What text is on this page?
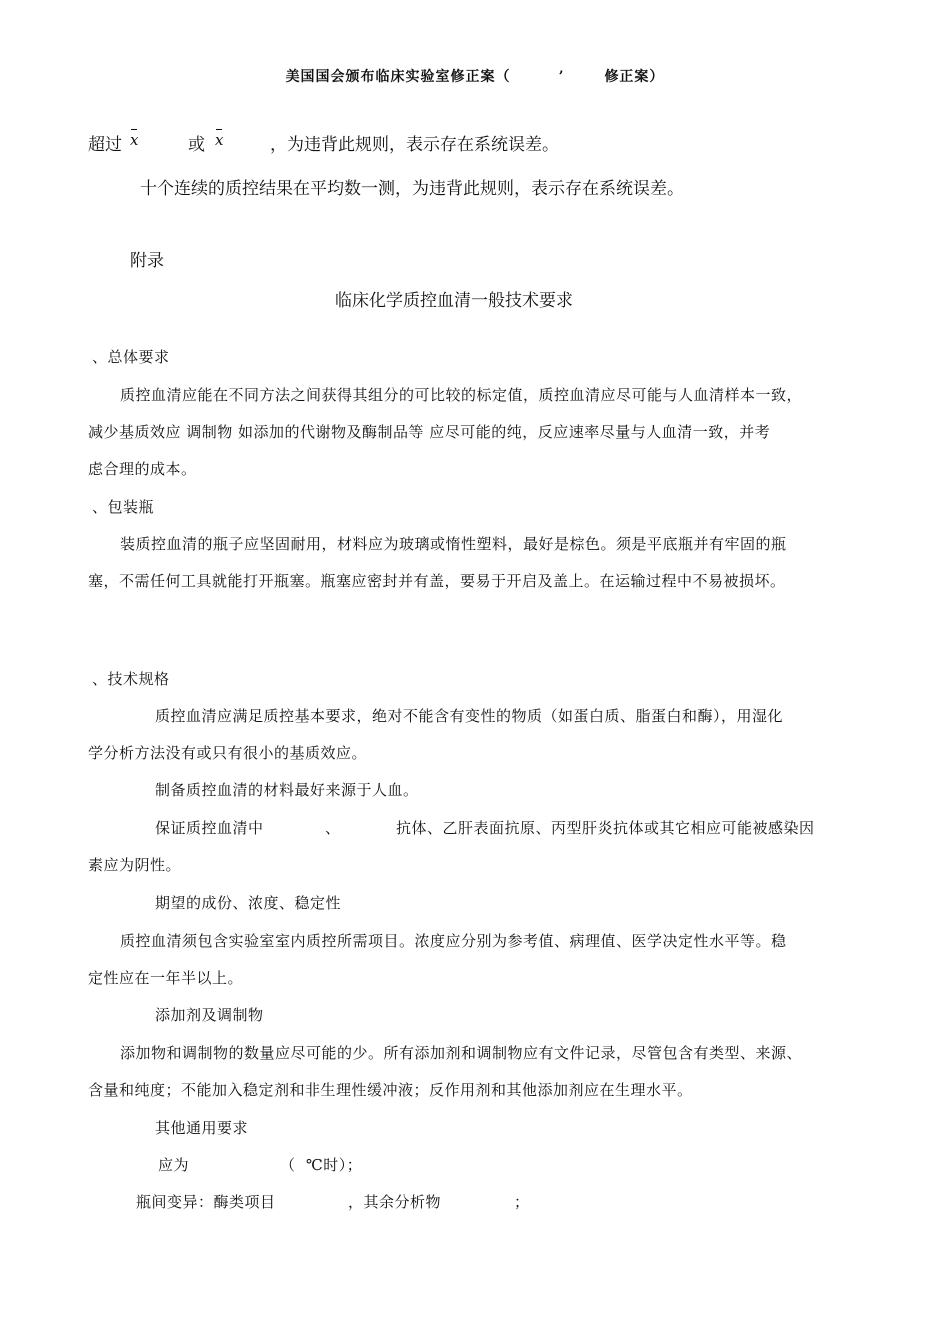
美国国会颁布临床实验室修正案（	’	修正案）
超过 x	或 x	，为违背此规则，表示存在系统误差。
十个连续的质控结果在平均数一测，为违背此规则，表示存在系统误差。
附录
临床化学质控血清一般技术要求
、总体要求
质控血清应能在不同方法之间获得其组分的可比较的标定值，质控血清应尽可能与人血清样本一致，
减少基质效应 调制物 如添加的代谢物及酶制品等 应尽可能的纯，反应速率尽量与人血清一致，并考
虑合理的成本。
、包装瓶
装质控血清的瓶子应坚固耐用，材料应为玻璃或惰性塑料，最好是棕色。须是平底瓶并有牢固的瓶
塞，不需任何工具就能打开瓶塞。瓶塞应密封并有盖，要易于开启及盖上。在运输过程中不易被损坏。
、技术规格
质控血清应满足质控基本要求，绝对不能含有变性的物质（如蛋白质、脂蛋白和酶），用湿化
学分析方法没有或只有很小的基质效应。
制备质控血清的材料最好来源于人血。
保证质控血清中	、	抗体、乙肝表面抗原、丙型肝炎抗体或其它相应可能被感染因
素应为阴性。
期望的成份、浓度、稳定性
质控血清须包含实验室室内质控所需项目。浓度应分别为参考值、病理值、医学决定性水平等。稳
定性应在一年半以上。
添加剂及调制物
添加物和调制物的数量应尽可能的少。所有添加剂和调制物应有文件记录，尽管包含有类型、来源、
含量和纯度；不能加入稳定剂和非生理性缓冲液；反作用剂和其他添加剂应在生理水平。
其他通用要求
应为	（ ℃时）；
瓶间变异：酶类项目	，其余分析物	；
